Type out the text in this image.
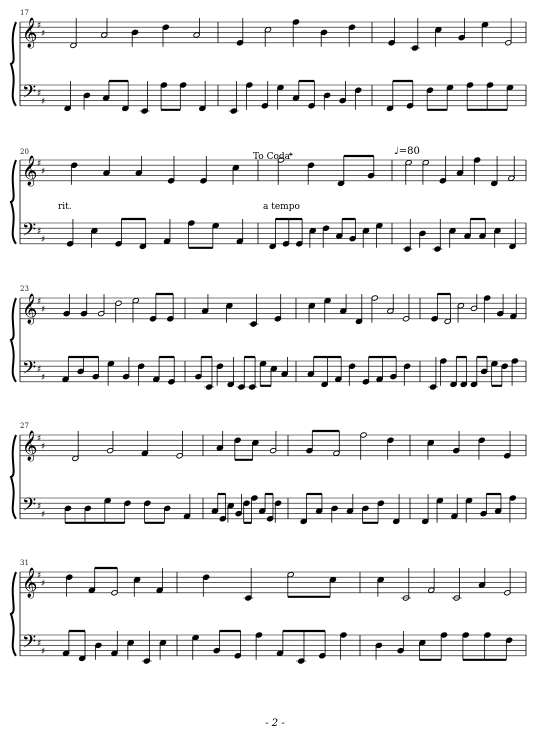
𝄞
𝄢
♯
♯
♯
♯
𝄞
𝄢
♯
♯
♯
♯
𝄞
𝄢
♯
♯
♯
♯
𝄞
𝄢
♯
♯
♯
♯
𝄞
𝄢
♯
♯
♯
♯
17
20
23
27
31
To Coda
𝄌	♩=80
rit.	a tempo
- 2 -
